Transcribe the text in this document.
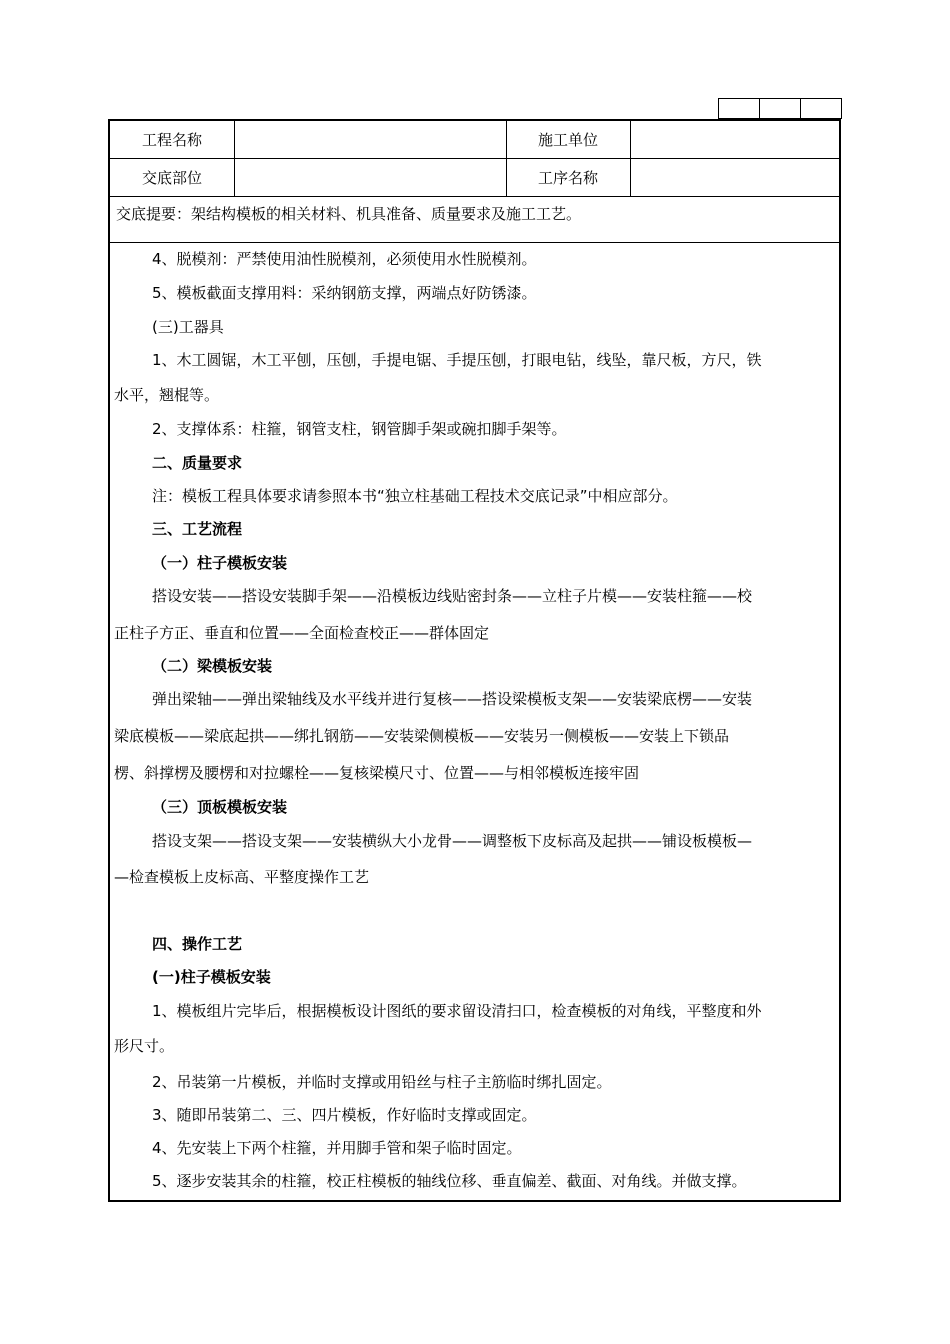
工程名称	施工单位
交底部位	工序名称
交底提要：架结构模板的相关材料、机具准备、质量要求及施工工艺。
4、脱模剂：严禁使用油性脱模剂，必须使用水性脱模剂。
5、模板截面支撑用料：采纳钢筋支撑，两端点好防锈漆。
(三)工器具
1、木工圆锯，木工平刨，压刨，手提电锯、手提压刨，打眼电钻，线坠，靠尺板，方尺，铁
水平，翘棍等。
2、支撑体系：柱箍，钢管支柱，钢管脚手架或碗扣脚手架等。
二、质量要求
注：模板工程具体要求请参照本书“独立柱基础工程技术交底记录”中相应部分。
三、工艺流程
（一）柱子模板安装
搭设安装——搭设安装脚手架——沿模板边线贴密封条——立柱子片模——安装柱箍——校
正柱子方正、垂直和位置——全面检查校正——群体固定
（二）梁模板安装
弹出梁轴——弹出梁轴线及水平线并进行复核——搭设梁模板支架——安装梁底楞——安装
梁底模板——梁底起拱——绑扎钢筋——安装梁侧模板——安装另一侧模板——安装上下锁品
楞、斜撑楞及腰楞和对拉螺栓——复核梁模尺寸、位置——与相邻模板连接牢固
（三）顶板模板安装
搭设支架——搭设支架——安装横纵大小龙骨——调整板下皮标高及起拱——铺设板模板—
—检查模板上皮标高、平整度操作工艺
四、操作工艺
(一)柱子模板安装
1、模板组片完毕后，根据模板设计图纸的要求留设清扫口，检查模板的对角线，平整度和外
形尺寸。
2、吊装第一片模板，并临时支撑或用铅丝与柱子主筋临时绑扎固定。
3、随即吊装第二、三、四片模板，作好临时支撑或固定。
4、先安装上下两个柱箍，并用脚手管和架子临时固定。
5、逐步安装其余的柱箍，校正柱模板的轴线位移、垂直偏差、截面、对角线。并做支撑。
